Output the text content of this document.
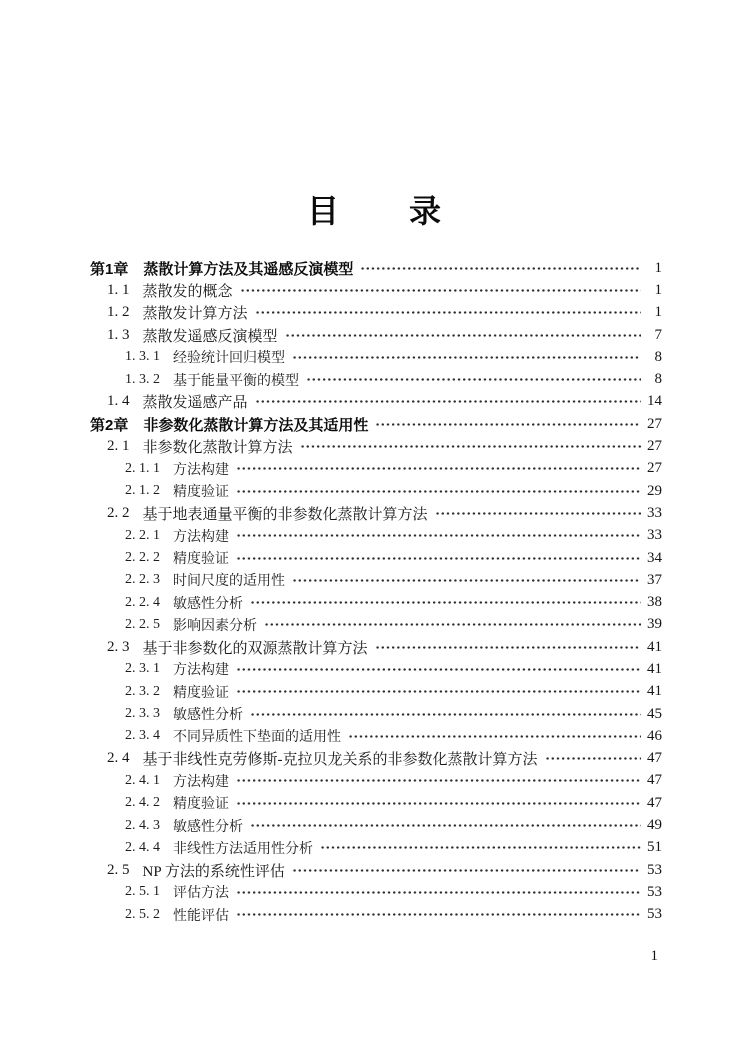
目　　录
第1章 蒸散计算方法及其遥感反演模型	1
1. 1 蒸散发的概念	1
1. 2 蒸散发计算方法	1
1. 3 蒸散发遥感反演模型	7
1. 3. 1 经验统计回归模型	8
1. 3. 2 基于能量平衡的模型	8
1. 4 蒸散发遥感产品	14
第2章 非参数化蒸散计算方法及其适用性	27
2. 1 非参数化蒸散计算方法	27
2. 1. 1 方法构建	27
2. 1. 2 精度验证	29
2. 2 基于地表通量平衡的非参数化蒸散计算方法	33
2. 2. 1 方法构建	33
2. 2. 2 精度验证	34
2. 2. 3 时间尺度的适用性	37
2. 2. 4 敏感性分析	38
2. 2. 5 影响因素分析	39
2. 3 基于非参数化的双源蒸散计算方法	41
2. 3. 1 方法构建	41
2. 3. 2 精度验证	41
2. 3. 3 敏感性分析	45
2. 3. 4 不同异质性下垫面的适用性	46
2. 4 基于非线性克劳修斯-克拉贝龙关系的非参数化蒸散计算方法	47
2. 4. 1 方法构建	47
2. 4. 2 精度验证	47
2. 4. 3 敏感性分析	49
2. 4. 4 非线性方法适用性分析	51
2. 5 NP 方法的系统性评估	53
2. 5. 1 评估方法	53
2. 5. 2 性能评估	53
1
